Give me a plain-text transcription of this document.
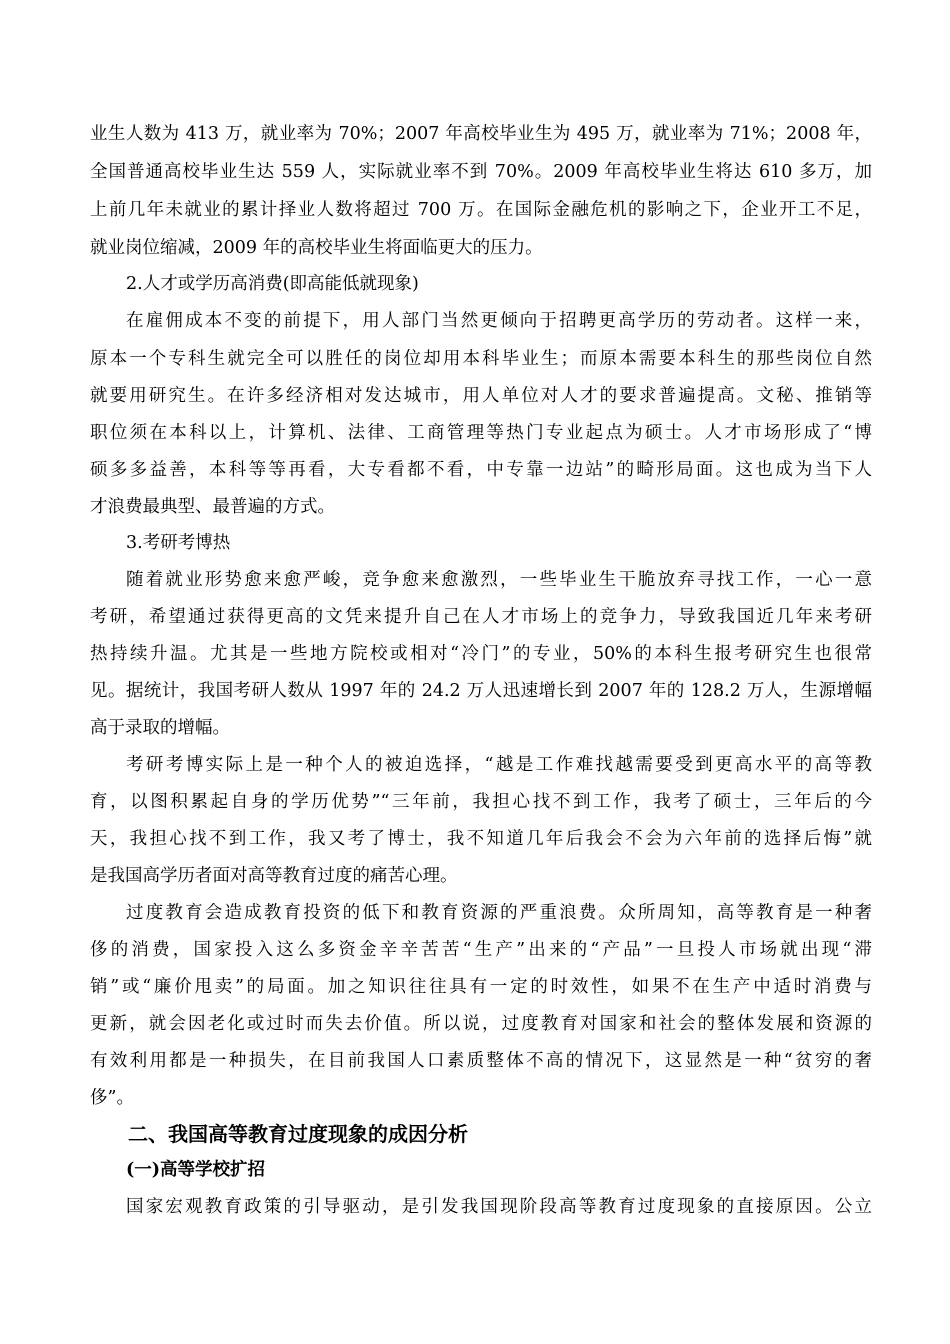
业生人数为 413 万，就业率为 70%；2007 年高校毕业生为 495 万，就业率为 71%；2008 年，
全国普通高校毕业生达 559 人，实际就业率不到 70%。2009 年高校毕业生将达 610 多万，加
上前几年未就业的累计择业人数将超过 700 万。在国际金融危机的影响之下，企业开工不足，
就业岗位缩减，2009 年的高校毕业生将面临更大的压力。
2.人才或学历高消费(即高能低就现象)
在雇佣成本不变的前提下，用人部门当然更倾向于招聘更高学历的劳动者。这样一来，
原本一个专科生就完全可以胜任的岗位却用本科毕业生；而原本需要本科生的那些岗位自然
就要用研究生。在许多经济相对发达城市，用人单位对人才的要求普遍提高。文秘、推销等
职位须在本科以上，计算机、法律、工商管理等热门专业起点为硕士。人才市场形成了“博
硕多多益善，本科等等再看，大专看都不看，中专靠一边站”的畸形局面。这也成为当下人
才浪费最典型、最普遍的方式。
3.考研考博热
随着就业形势愈来愈严峻，竞争愈来愈激烈，一些毕业生干脆放弃寻找工作，一心一意
考研，希望通过获得更高的文凭来提升自己在人才市场上的竞争力，导致我国近几年来考研
热持续升温。尤其是一些地方院校或相对“冷门”的专业，50%的本科生报考研究生也很常
见。据统计，我国考研人数从 1997 年的 24.2 万人迅速增长到 2007 年的 128.2 万人，生源增幅
高于录取的增幅。
考研考博实际上是一种个人的被迫选择，“越是工作难找越需要受到更高水平的高等教
育，以图积累起自身的学历优势”“三年前，我担心找不到工作，我考了硕士，三年后的今
天，我担心找不到工作，我又考了博士，我不知道几年后我会不会为六年前的选择后悔”就
是我国高学历者面对高等教育过度的痛苦心理。
过度教育会造成教育投资的低下和教育资源的严重浪费。众所周知，高等教育是一种奢
侈的消费，国家投入这么多资金辛辛苦苦“生产”出来的“产品”一旦投人市场就出现“滞
销”或“廉价甩卖”的局面。加之知识往往具有一定的时效性，如果不在生产中适时消费与
更新，就会因老化或过时而失去价值。所以说，过度教育对国家和社会的整体发展和资源的
有效利用都是一种损失，在目前我国人口素质整体不高的情况下，这显然是一种“贫穷的奢
侈”。
二、我国高等教育过度现象的成因分析
(一)高等学校扩招
国家宏观教育政策的引导驱动，是引发我国现阶段高等教育过度现象的直接原因。公立
